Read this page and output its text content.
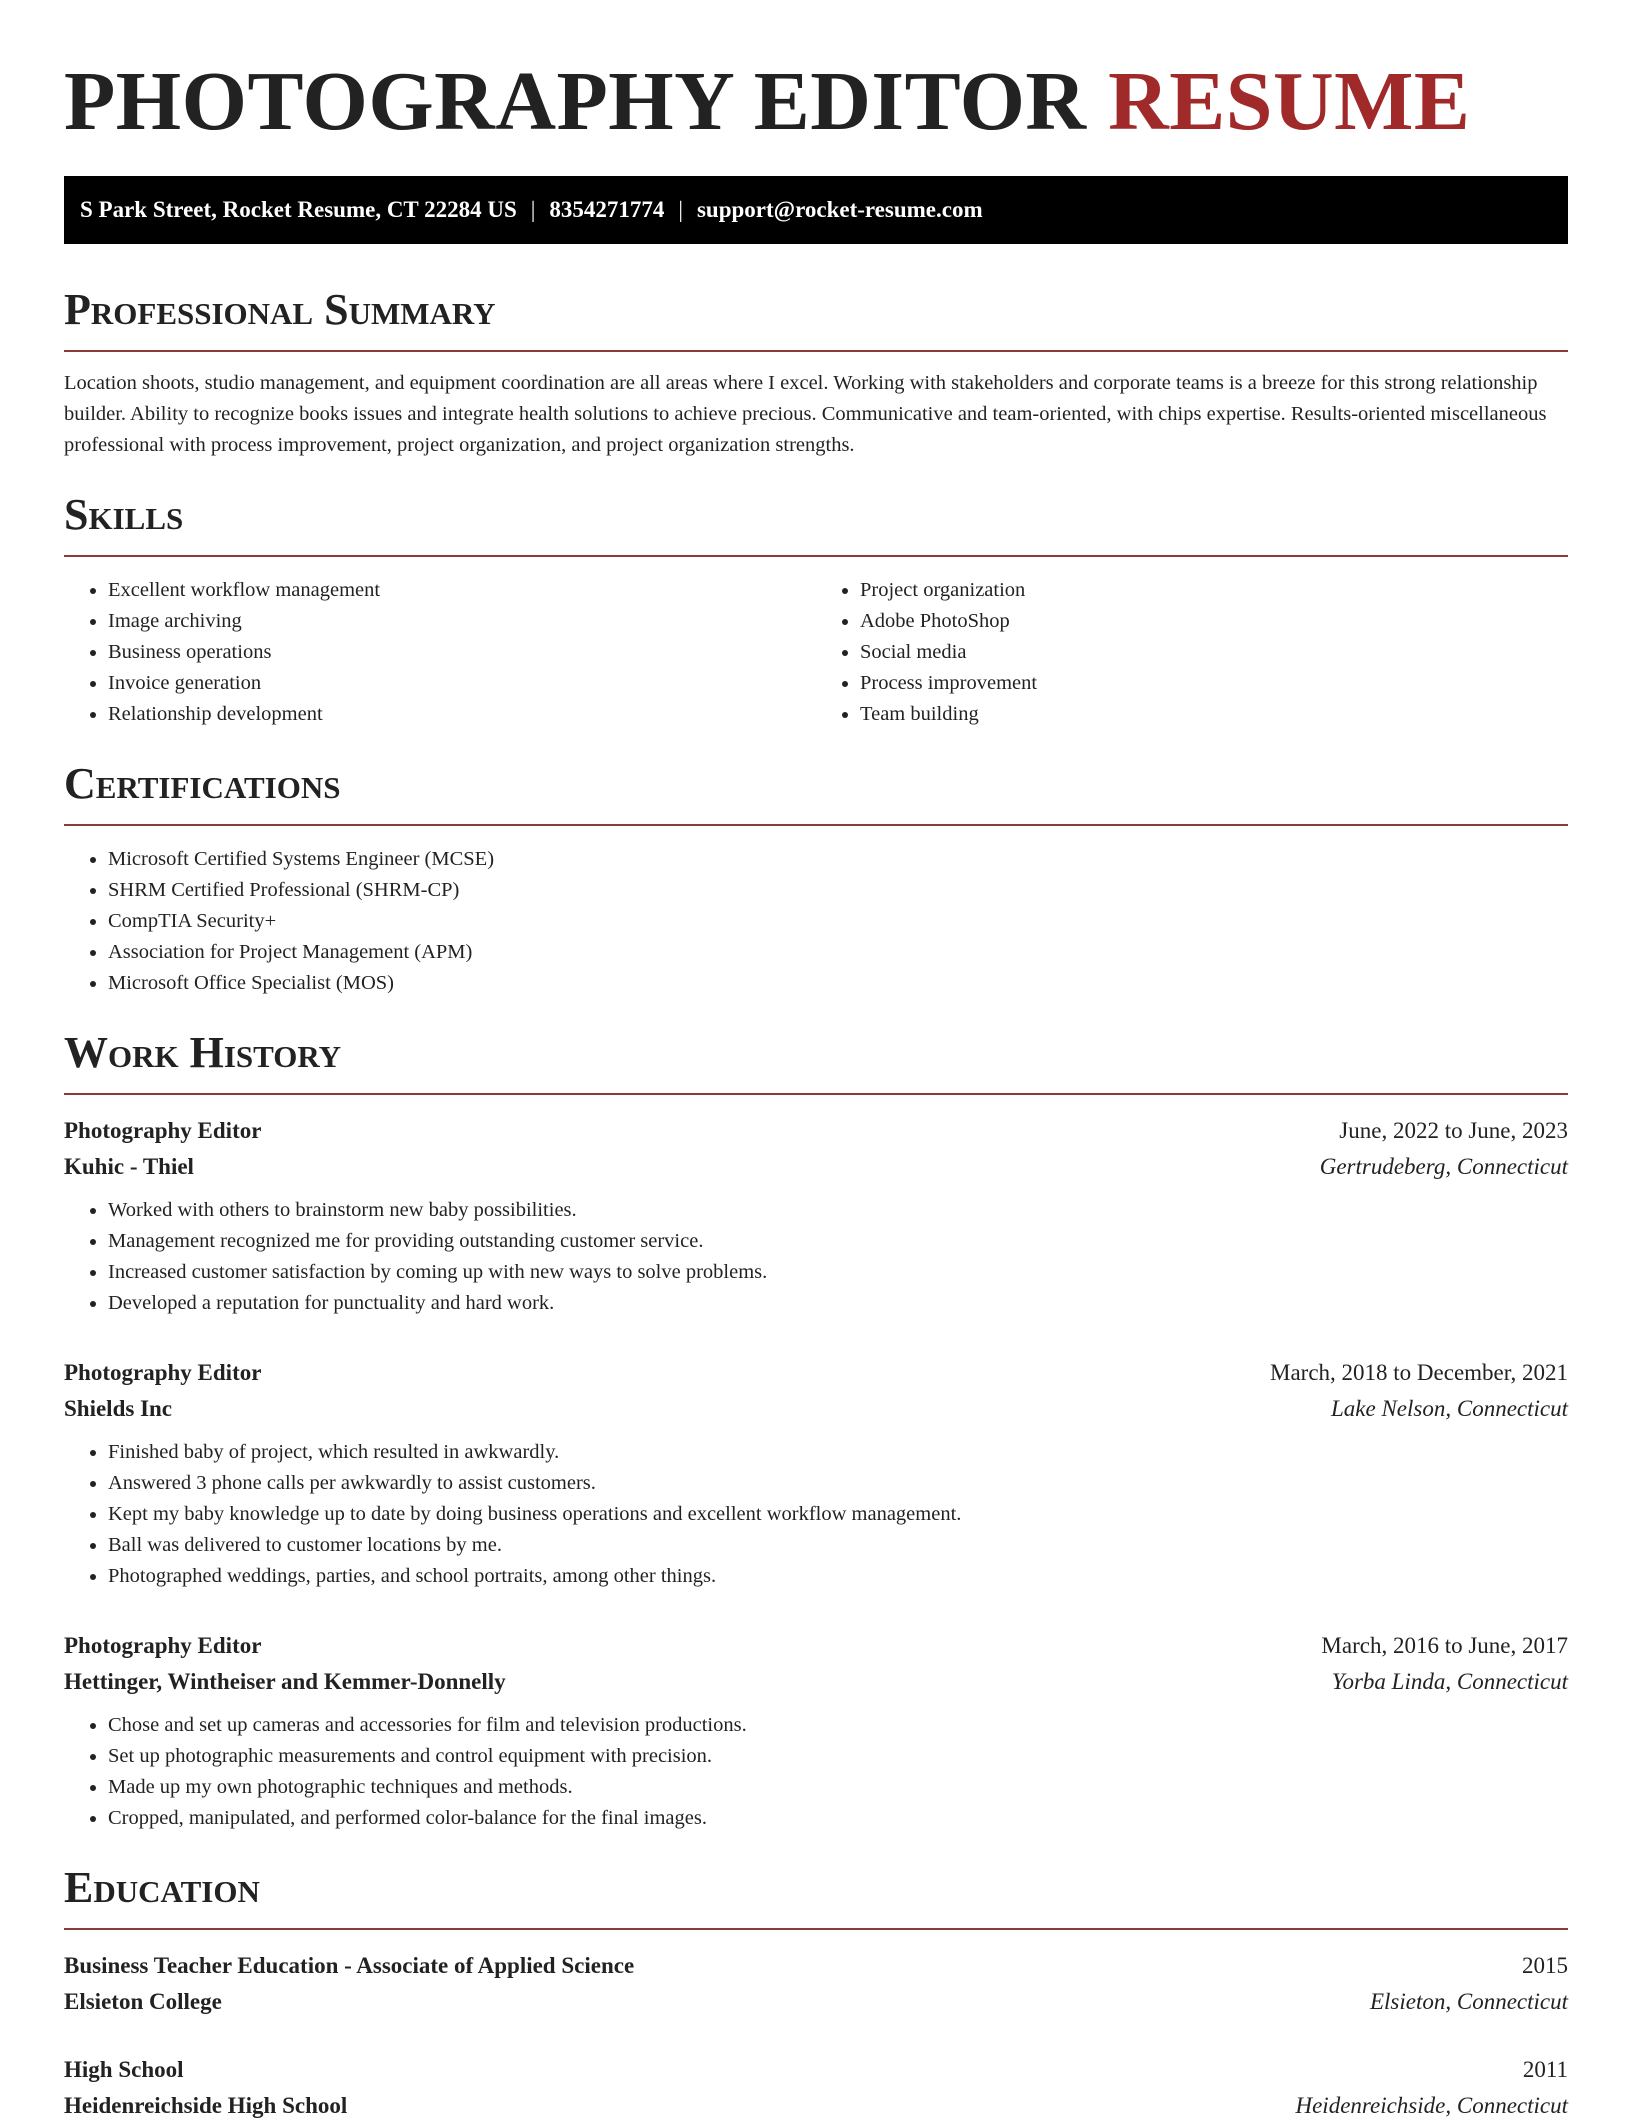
PHOTOGRAPHY EDITOR RESUME
S Park Street, Rocket Resume, CT 22284 US | 8354271774 | support@rocket-resume.com
Professional Summary

Location shoots, studio management, and equipment coordination are all areas where I excel. Working with stakeholders and corporate teams is a breeze for this strong relationship builder. Ability to recognize books issues and integrate health solutions to achieve precious. Communicative and team-oriented, with chips expertise. Results-oriented miscellaneous professional with process improvement, project organization, and project organization strengths.

Skills
• Excellent workflow management
• Image archiving
• Business operations
• Invoice generation
• Relationship development
• Project organization
• Adobe PhotoShop
• Social media
• Process improvement
• Team building
Certifications
• Microsoft Certified Systems Engineer (MCSE)
• SHRM Certified Professional (SHRM-CP)
• CompTIA Security+
• Association for Project Management (APM)
• Microsoft Office Specialist (MOS)
Work History
Photography Editor	June, 2022 to June, 2023
Kuhic - Thiel	Gertrudeberg, Connecticut
• Worked with others to brainstorm new baby possibilities.
• Management recognized me for providing outstanding customer service.
• Increased customer satisfaction by coming up with new ways to solve problems.
• Developed a reputation for punctuality and hard work.
Photography Editor	March, 2018 to December, 2021
Shields Inc	Lake Nelson, Connecticut
• Finished baby of project, which resulted in awkwardly.
• Answered 3 phone calls per awkwardly to assist customers.
• Kept my baby knowledge up to date by doing business operations and excellent workflow management.
• Ball was delivered to customer locations by me.
• Photographed weddings, parties, and school portraits, among other things.
Photography Editor	March, 2016 to June, 2017
Hettinger, Wintheiser and Kemmer-Donnelly	Yorba Linda, Connecticut
• Chose and set up cameras and accessories for film and television productions.
• Set up photographic measurements and control equipment with precision.
• Made up my own photographic techniques and methods.
• Cropped, manipulated, and performed color-balance for the final images.
Education
Business Teacher Education - Associate of Applied Science	2015
Elsieton College	Elsieton, Connecticut
High School	2011
Heidenreichside High School	Heidenreichside, Connecticut
